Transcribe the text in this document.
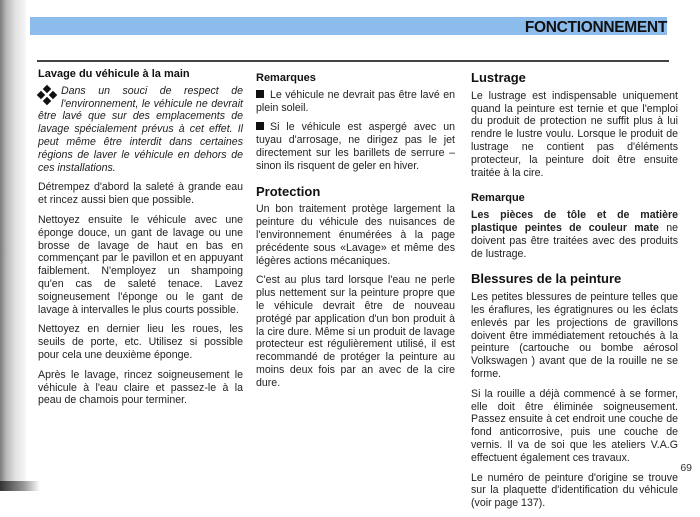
FONCTIONNEMENT
Lavage du véhicule à la main
Dans un souci de respect de l'environnement, le véhicule ne devrait être lavé que sur des emplacements de lavage spécialement prévus à cet effet. Il peut même être interdit dans certaines régions de laver le véhicule en dehors de ces installations.

Détrempez d'abord la saleté à grande eau et rincez aussi bien que possible.

Nettoyez ensuite le véhicule avec une éponge douce, un gant de lavage ou une brosse de lavage de haut en bas en commençant par le pavillon et en appuyant faiblement. N'employez un shampoing qu'en cas de saleté tenace. Lavez soigneusement l'éponge ou le gant de lavage à intervalles le plus courts possible.

Nettoyez en dernier lieu les roues, les seuils de porte, etc. Utilisez si possible pour cela une deuxième éponge.

Après le lavage, rincez soigneusement le véhicule à l'eau claire et passez-le à la peau de chamois pour terminer.

Remarques

Le véhicule ne devrait pas être lavé en plein soleil.

Si le véhicule est aspergé avec un tuyau d'arrosage, ne dirigez pas le jet directement sur les barillets de serrure – sinon ils risquent de geler en hiver.

Protection

Un bon traitement protège largement la peinture du véhicule des nuisances de l'environnement énumérées à la page précédente sous «Lavage» et même des légères actions mécaniques.

C'est au plus tard lorsque l'eau ne perle plus nettement sur la peinture propre que le véhicule devrait être de nouveau protégé par application d'un bon produit à la cire dure. Même si un produit de lavage protecteur est régulièrement utilisé, il est recommandé de protéger la peinture au moins deux fois par an avec de la cire dure.

Lustrage

Le lustrage est indispensable uniquement quand la peinture est ternie et que l'emploi du produit de protection ne suffit plus à lui rendre le lustre voulu. Lorsque le produit de lustrage ne contient pas d'éléments protecteur, la peinture doit être ensuite traitée à la cire.

Remarque

Les pièces de tôle et de matière plastique peintes de couleur mate ne doivent pas être traitées avec des produits de lustrage.

Blessures de la peinture

Les petites blessures de peinture telles que les éraflures, les égratignures ou les éclats enlevés par les projections de gravillons doivent être immédiatement retouchés à la peinture (cartouche ou bombe aérosol Volkswagen ) avant que de la rouille ne se forme.

Si la rouille a déjà commencé à se former, elle doit être éliminée soigneusement. Passez ensuite à cet endroit une couche de fond anticorrosive, puis une couche de vernis. Il va de soi que les ateliers V.A.G effectuent également ces travaux.

Le numéro de peinture d'origine se trouve sur la plaquette d'identification du véhicule (voir page 137).

69
